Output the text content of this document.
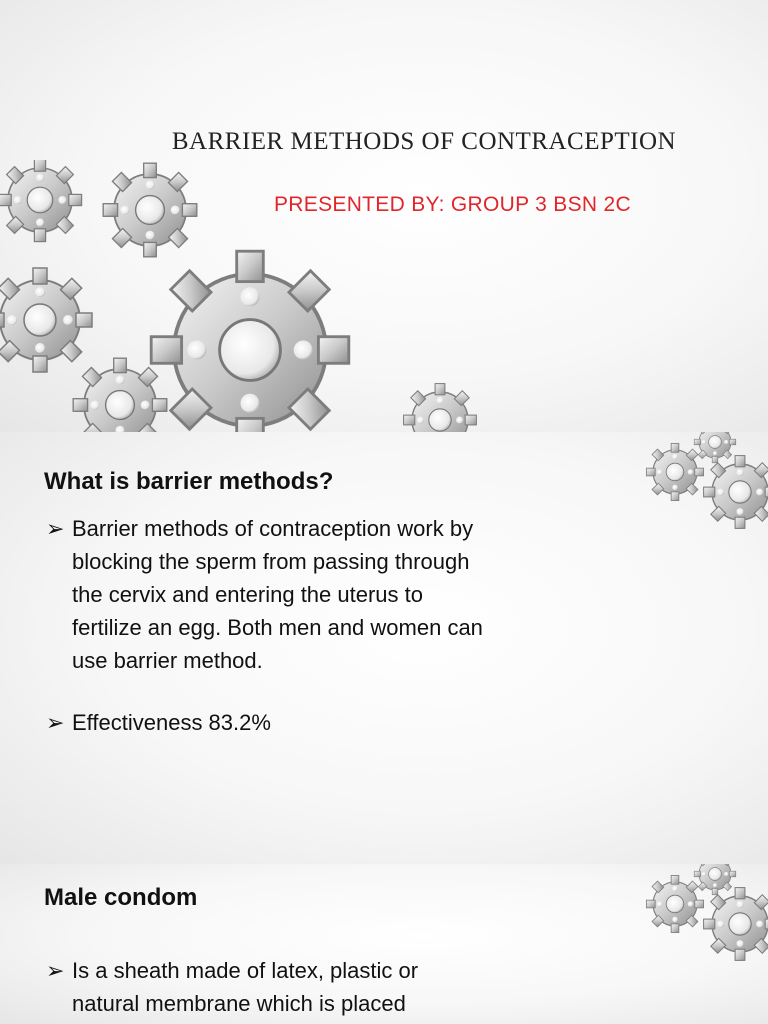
BARRIER METHODS OF CONTRACEPTION
PRESENTED BY: GROUP 3 BSN 2C
What is barrier methods?
➢ Barrier methods of contraception work by
blocking the sperm from passing through
the cervix and entering the uterus to
fertilize an egg. Both men and women can
use barrier method.
➢ Effectiveness 83.2%
Male condom
➢ Is a sheath made of latex, plastic or
natural membrane which is placed
